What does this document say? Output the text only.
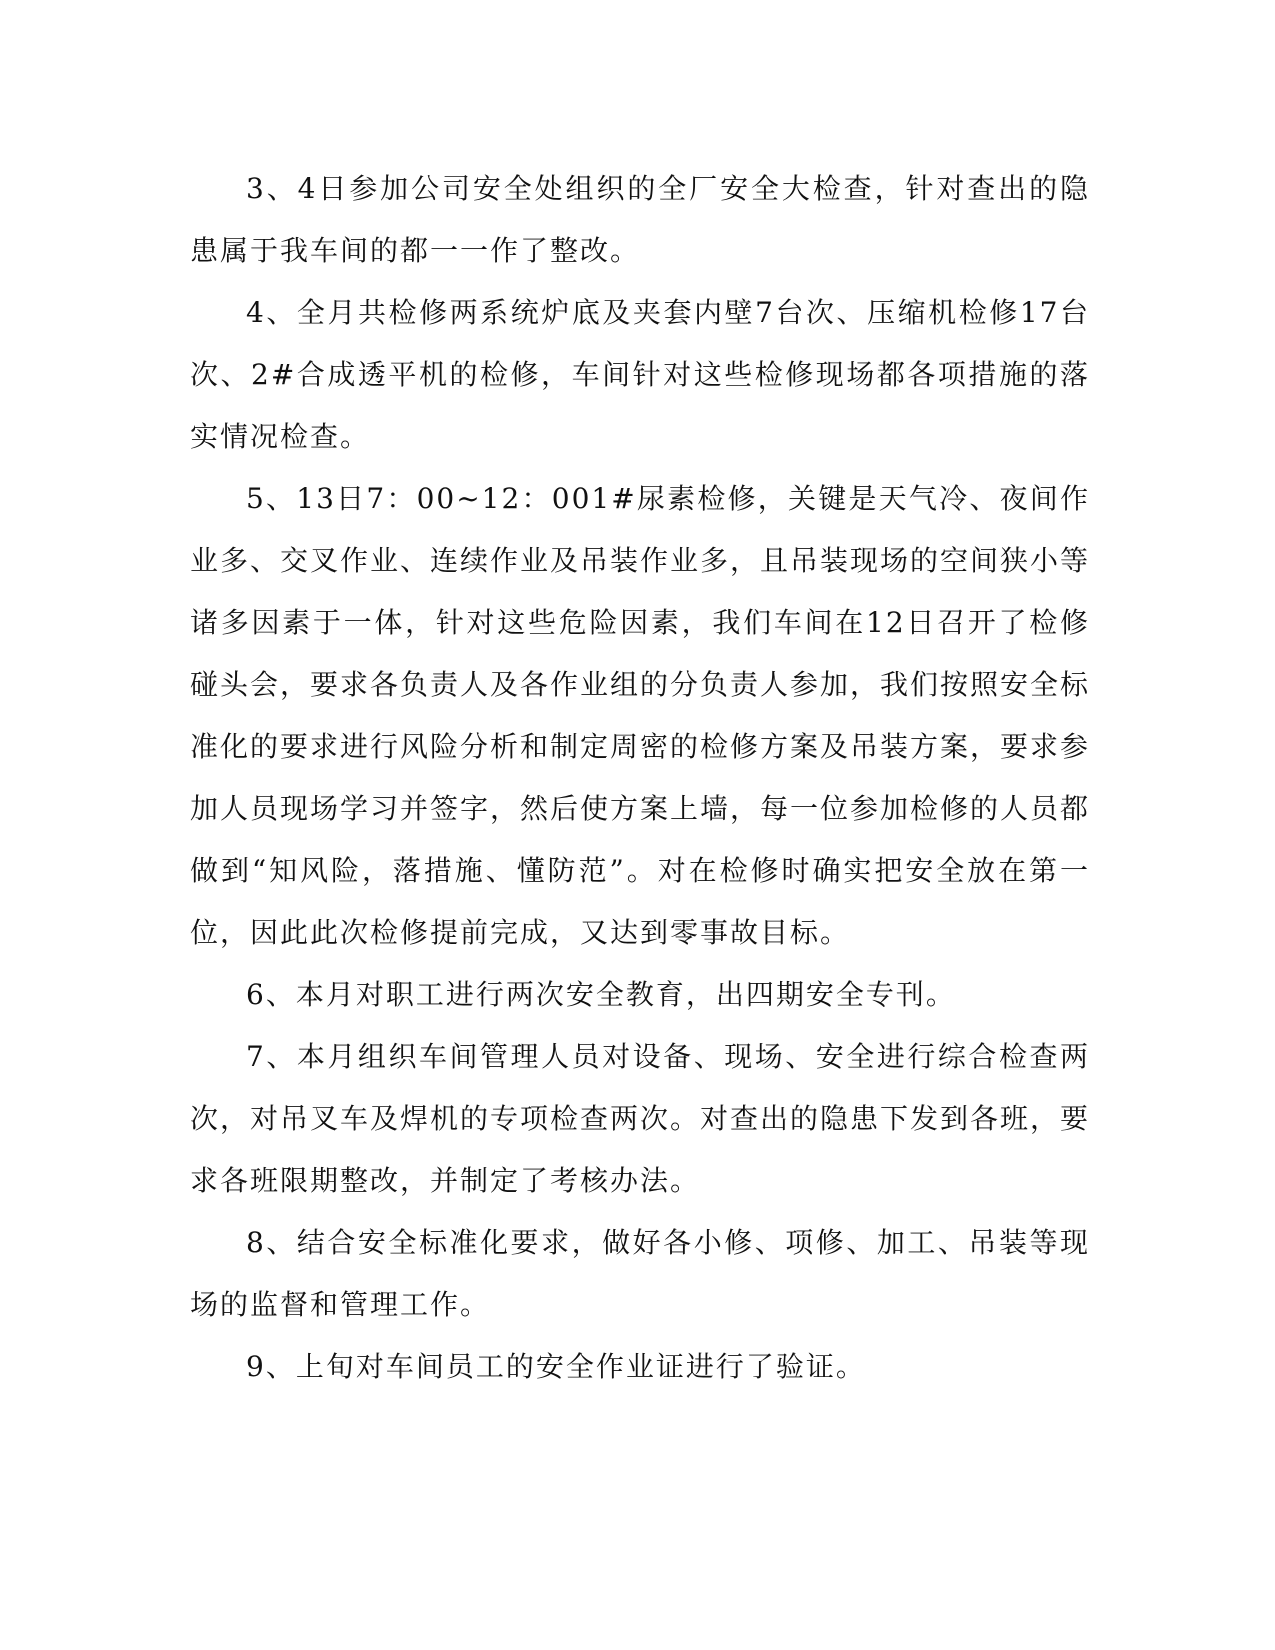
3、4日参加公司安全处组织的全厂安全大检查，针对查出的隐患属于我车间的都一一作了整改。

4、全月共检修两系统炉底及夹套内壁7台次、压缩机检修17台次、2#合成透平机的检修，车间针对这些检修现场都各项措施的落实情况检查。

5、13日7：00~12：001#尿素检修，关键是天气冷、夜间作业多、交叉作业、连续作业及吊装作业多，且吊装现场的空间狭小等诸多因素于一体，针对这些危险因素，我们车间在12日召开了检修碰头会，要求各负责人及各作业组的分负责人参加，我们按照安全标准化的要求进行风险分析和制定周密的检修方案及吊装方案，要求参加人员现场学习并签字，然后使方案上墙，每一位参加检修的人员都做到“知风险，落措施、懂防范”。对在检修时确实把安全放在第一位，因此此次检修提前完成，又达到零事故目标。

6、本月对职工进行两次安全教育，出四期安全专刊。

7、本月组织车间管理人员对设备、现场、安全进行综合检查两次，对吊叉车及焊机的专项检查两次。对查出的隐患下发到各班，要求各班限期整改，并制定了考核办法。

8、结合安全标准化要求，做好各小修、项修、加工、吊装等现场的监督和管理工作。

9、上旬对车间员工的安全作业证进行了验证。
